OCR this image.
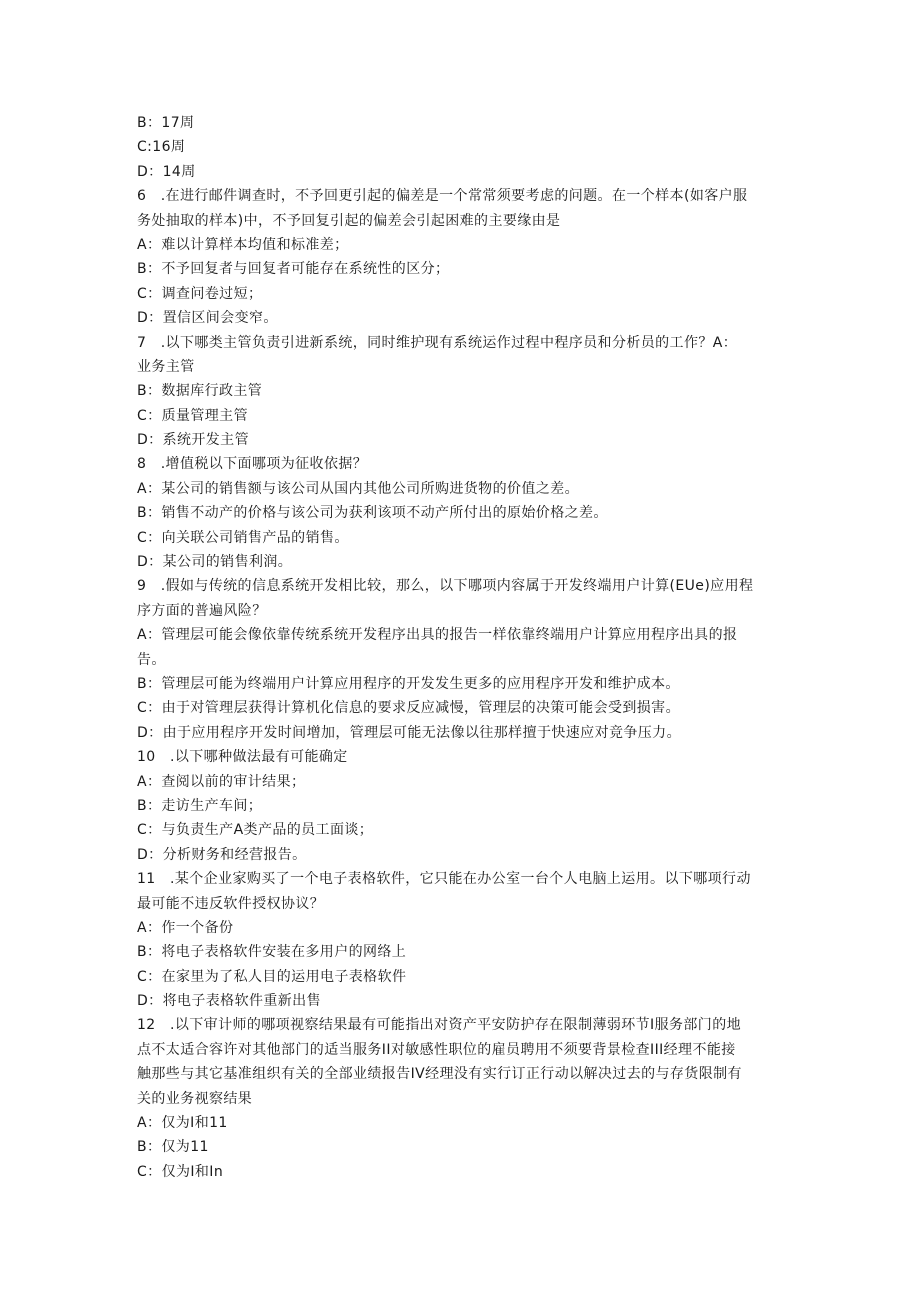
B：17周
C:16周
D：14周
6 .在进行邮件调查时，不予回更引起的偏差是一个常常须要考虑的问题。在一个样本(如客户服
务处抽取的样本)中，不予回复引起的偏差会引起困难的主要缘由是
A：难以计算样本均值和标准差；
B：不予回复者与回复者可能存在系统性的区分；
C：调查问卷过短；
D：置信区间会变窄。
7 .以下哪类主管负责引进新系统，同时维护现有系统运作过程中程序员和分析员的工作？A：
业务主管
B：数据库行政主管
C：质量管理主管
D：系统开发主管
8 .增值税以下面哪项为征收依据？
A：某公司的销售额与该公司从国内其他公司所购进货物的价值之差。
B：销售不动产的价格与该公司为获利该项不动产所付出的原始价格之差。
C：向关联公司销售产品的销售。
D：某公司的销售利润。
9 .假如与传统的信息系统开发相比较，那么，以下哪项内容属于开发终端用户计算(EUe)应用程
序方面的普遍风险？
A：管理层可能会像依靠传统系统开发程序出具的报告一样依靠终端用户计算应用程序出具的报
告。
B：管理层可能为终端用户计算应用程序的开发发生更多的应用程序开发和维护成本。
C：由于对管理层获得计算机化信息的要求反应减慢，管理层的决策可能会受到损害。
D：由于应用程序开发时间增加，管理层可能无法像以往那样擅于快速应对竞争压力。
10 .以下哪种做法最有可能确定
A：查阅以前的审计结果；
B：走访生产车间；
C：与负责生产A类产品的员工面谈；
D：分析财务和经营报告。
11 .某个企业家购买了一个电子表格软件，它只能在办公室一台个人电脑上运用。以下哪项行动
最可能不违反软件授权协议？
A：作一个备份
B：将电子表格软件安装在多用户的网络上
C：在家里为了私人目的运用电子表格软件
D：将电子表格软件重新出售
12 .以下审计师的哪项视察结果最有可能指出对资产平安防护存在限制薄弱环节I服务部门的地
点不太适合容许对其他部门的适当服务II对敏感性职位的雇员聘用不须要背景检查III经理不能接
触那些与其它基准组织有关的全部业绩报告IV经理没有实行订正行动以解决过去的与存货限制有
关的业务视察结果
A：仅为I和11
B：仅为11
C：仅为I和In
